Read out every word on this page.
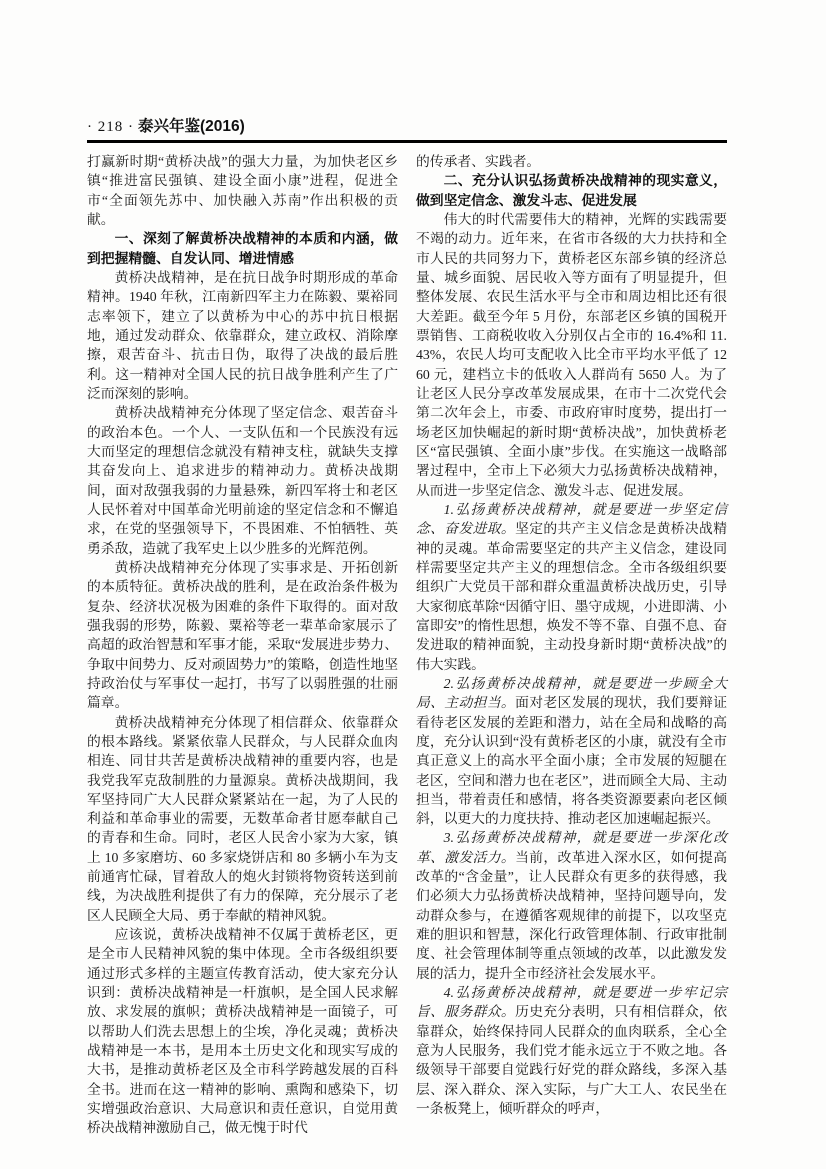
· 218 · 泰兴年鉴(2016)

打赢新时期“黄桥决战”的强大力量，为加快老区乡镇“推进富民强镇、建设全面小康”进程，促进全市“全面领先苏中、加快融入苏南”作出积极的贡献。

一、深刻了解黄桥决战精神的本质和内涵，做到把握精髓、自发认同、增进情感

黄桥决战精神，是在抗日战争时期形成的革命精神。1940 年秋，江南新四军主力在陈毅、粟裕同志率领下，建立了以黄桥为中心的苏中抗日根据地，通过发动群众、依靠群众，建立政权、消除摩擦，艰苦奋斗、抗击日伪，取得了决战的最后胜利。这一精神对全国人民的抗日战争胜利产生了广泛而深刻的影响。

黄桥决战精神充分体现了坚定信念、艰苦奋斗的政治本色。一个人、一支队伍和一个民族没有远大而坚定的理想信念就没有精神支柱，就缺失支撑其奋发向上、追求进步的精神动力。黄桥决战期间，面对敌强我弱的力量悬殊，新四军将士和老区人民怀着对中国革命光明前途的坚定信念和不懈追求，在党的坚强领导下，不畏困难、不怕牺牲、英勇杀敌，造就了我军史上以少胜多的光辉范例。

黄桥决战精神充分体现了实事求是、开拓创新的本质特征。黄桥决战的胜利，是在政治条件极为复杂、经济状况极为困难的条件下取得的。面对敌强我弱的形势，陈毅、粟裕等老一辈革命家展示了高超的政治智慧和军事才能，采取“发展进步势力、争取中间势力、反对顽固势力”的策略，创造性地坚持政治仗与军事仗一起打，书写了以弱胜强的壮丽篇章。

黄桥决战精神充分体现了相信群众、依靠群众的根本路线。紧紧依靠人民群众，与人民群众血肉相连、同甘共苦是黄桥决战精神的重要内容，也是我党我军克敌制胜的力量源泉。黄桥决战期间，我军坚持同广大人民群众紧紧站在一起，为了人民的利益和革命事业的需要，无数革命者甘愿奉献自己的青春和生命。同时，老区人民舍小家为大家，镇上 10 多家磨坊、60 多家烧饼店和 80 多辆小车为支前通宵忙碌，冒着敌人的炮火封锁将物资转送到前线，为决战胜利提供了有力的保障，充分展示了老区人民顾全大局、勇于奉献的精神风貌。

应该说，黄桥决战精神不仅属于黄桥老区，更是全市人民精神风貌的集中体现。全市各级组织要通过形式多样的主题宣传教育活动，使大家充分认识到：黄桥决战精神是一杆旗帜，是全国人民求解放、求发展的旗帜；黄桥决战精神是一面镜子，可以帮助人们洗去思想上的尘埃，净化灵魂；黄桥决战精神是一本书，是用本土历史文化和现实写成的大书，是推动黄桥老区及全市科学跨越发展的百科全书。进而在这一精神的影响、熏陶和感染下，切实增强政治意识、大局意识和责任意识，自觉用黄桥决战精神激励自己，做无愧于时代

的传承者、实践者。

二、充分认识弘扬黄桥决战精神的现实意义，做到坚定信念、激发斗志、促进发展

伟大的时代需要伟大的精神，光辉的实践需要不竭的动力。近年来，在省市各级的大力扶持和全市人民的共同努力下，黄桥老区东部乡镇的经济总量、城乡面貌、居民收入等方面有了明显提升，但整体发展、农民生活水平与全市和周边相比还有很大差距。截至今年 5 月份，东部老区乡镇的国税开票销售、工商税收收入分别仅占全市的 16.4%和 11.43%，农民人均可支配收入比全市平均水平低了 1260 元，建档立卡的低收入人群尚有 5650 人。为了让老区人民分享改革发展成果，在市十二次党代会第二次年会上，市委、市政府审时度势，提出打一场老区加快崛起的新时期“黄桥决战”，加快黄桥老区“富民强镇、全面小康”步伐。在实施这一战略部署过程中，全市上下必须大力弘扬黄桥决战精神，从而进一步坚定信念、激发斗志、促进发展。

1.弘扬黄桥决战精神，就是要进一步坚定信念、奋发进取。坚定的共产主义信念是黄桥决战精神的灵魂。革命需要坚定的共产主义信念，建设同样需要坚定共产主义的理想信念。全市各级组织要组织广大党员干部和群众重温黄桥决战历史，引导大家彻底革除“因循守旧、墨守成规，小进即满、小富即安”的惰性思想，焕发不等不靠、自强不息、奋发进取的精神面貌，主动投身新时期“黄桥决战”的伟大实践。

2.弘扬黄桥决战精神，就是要进一步顾全大局、主动担当。面对老区发展的现状，我们要辩证看待老区发展的差距和潜力，站在全局和战略的高度，充分认识到“没有黄桥老区的小康，就没有全市真正意义上的高水平全面小康；全市发展的短腿在老区，空间和潜力也在老区”，进而顾全大局、主动担当，带着责任和感情，将各类资源要素向老区倾斜，以更大的力度扶持、推动老区加速崛起振兴。

3.弘扬黄桥决战精神，就是要进一步深化改革、激发活力。当前，改革进入深水区，如何提高改革的“含金量”，让人民群众有更多的获得感，我们必须大力弘扬黄桥决战精神，坚持问题导向，发动群众参与，在遵循客观规律的前提下，以攻坚克难的胆识和智慧，深化行政管理体制、行政审批制度、社会管理体制等重点领域的改革，以此激发发展的活力，提升全市经济社会发展水平。

4.弘扬黄桥决战精神，就是要进一步牢记宗旨、服务群众。历史充分表明，只有相信群众，依靠群众，始终保持同人民群众的血肉联系，全心全意为人民服务，我们党才能永远立于不败之地。各级领导干部要自觉践行好党的群众路线，多深入基层、深入群众、深入实际，与广大工人、农民坐在一条板凳上，倾听群众的呼声，
